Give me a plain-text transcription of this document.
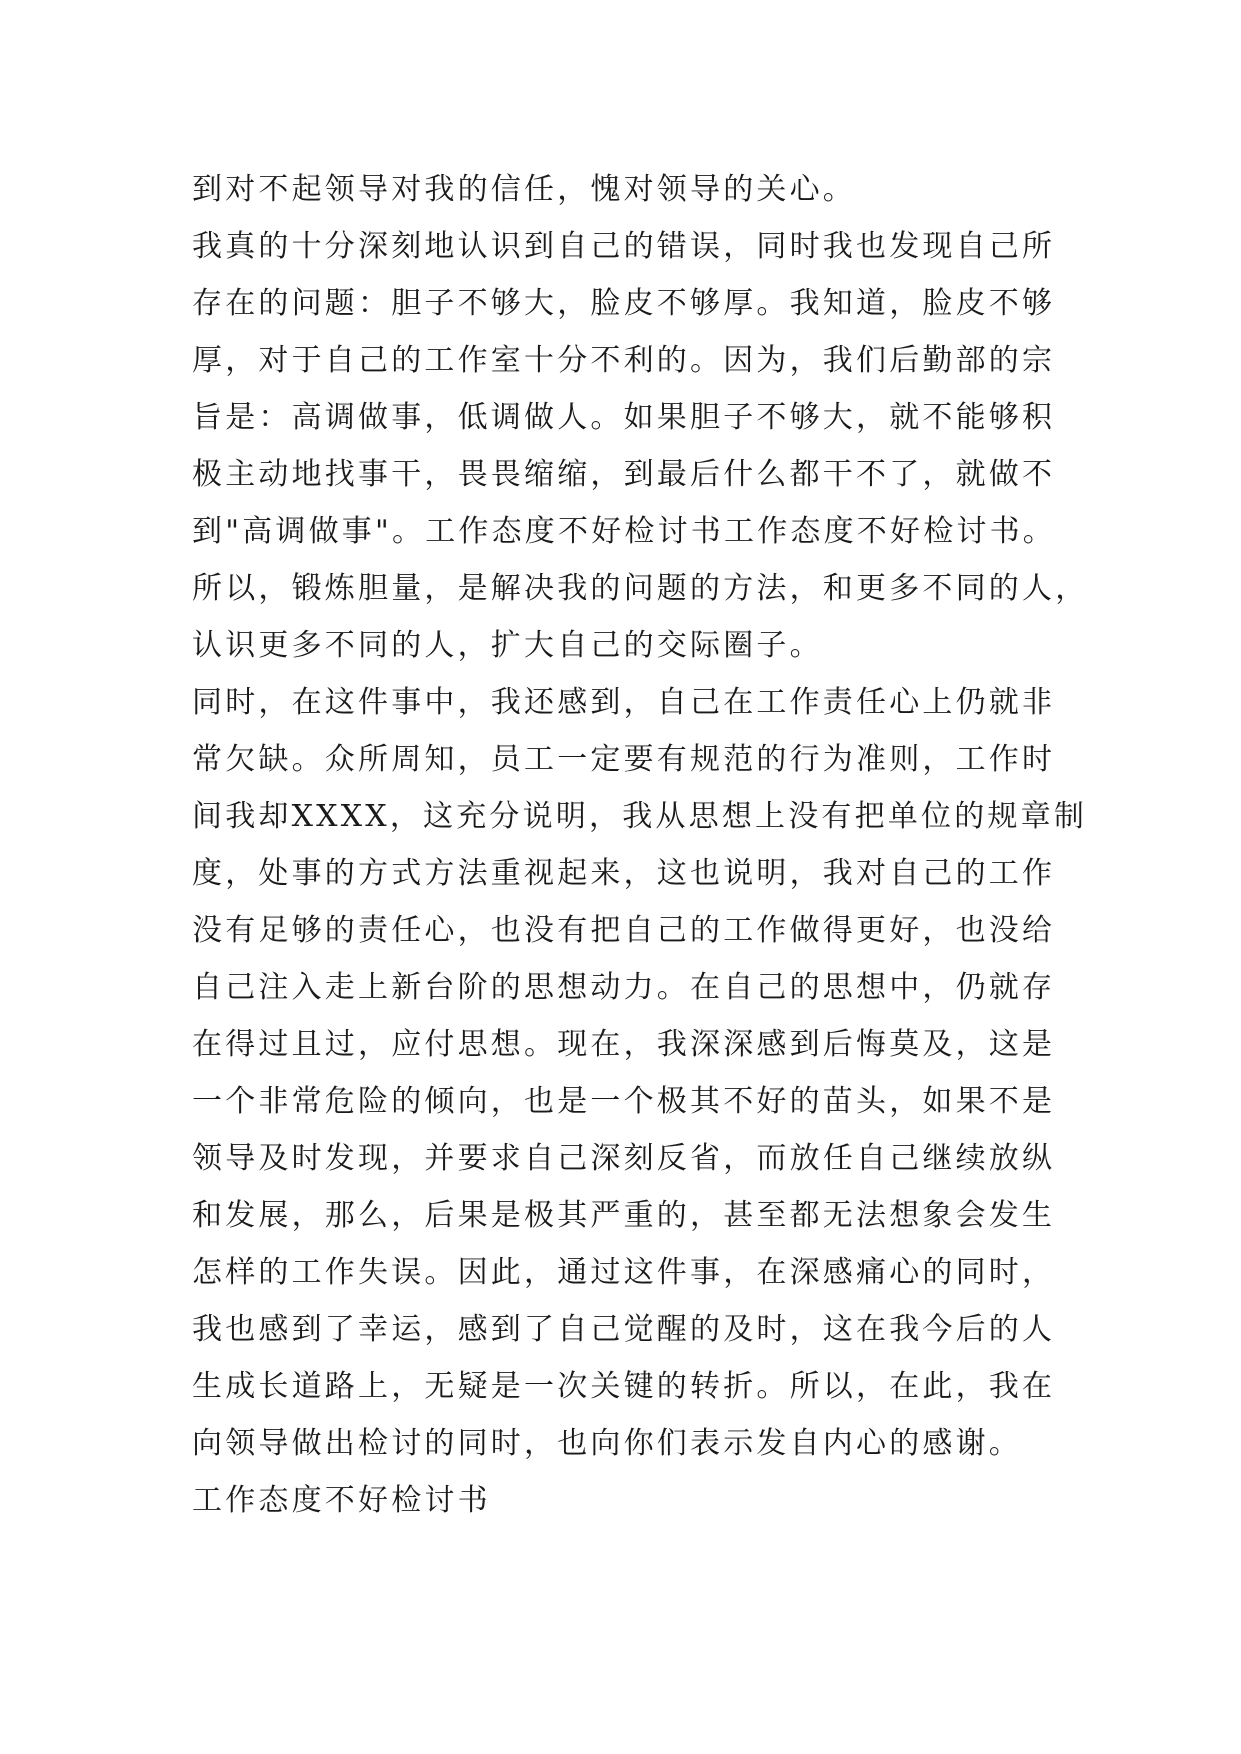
到对不起领导对我的信任，愧对领导的关心。
我真的十分深刻地认识到自己的错误，同时我也发现自己所
存在的问题：胆子不够大，脸皮不够厚。我知道，脸皮不够
厚，对于自己的工作室十分不利的。因为，我们后勤部的宗
旨是：高调做事，低调做人。如果胆子不够大，就不能够积
极主动地找事干，畏畏缩缩，到最后什么都干不了，就做不
到"高调做事"。工作态度不好检讨书工作态度不好检讨书。
所以，锻炼胆量，是解决我的问题的方法，和更多不同的人，
认识更多不同的人，扩大自己的交际圈子。
同时，在这件事中，我还感到，自己在工作责任心上仍就非
常欠缺。众所周知，员工一定要有规范的行为准则，工作时
间我却XXXX，这充分说明，我从思想上没有把单位的规章制
度，处事的方式方法重视起来，这也说明，我对自己的工作
没有足够的责任心，也没有把自己的工作做得更好，也没给
自己注入走上新台阶的思想动力。在自己的思想中，仍就存
在得过且过，应付思想。现在，我深深感到后悔莫及，这是
一个非常危险的倾向，也是一个极其不好的苗头，如果不是
领导及时发现，并要求自己深刻反省，而放任自己继续放纵
和发展，那么，后果是极其严重的，甚至都无法想象会发生
怎样的工作失误。因此，通过这件事，在深感痛心的同时，
我也感到了幸运，感到了自己觉醒的及时，这在我今后的人
生成长道路上，无疑是一次关键的转折。所以，在此，我在
向领导做出检讨的同时，也向你们表示发自内心的感谢。
工作态度不好检讨书
